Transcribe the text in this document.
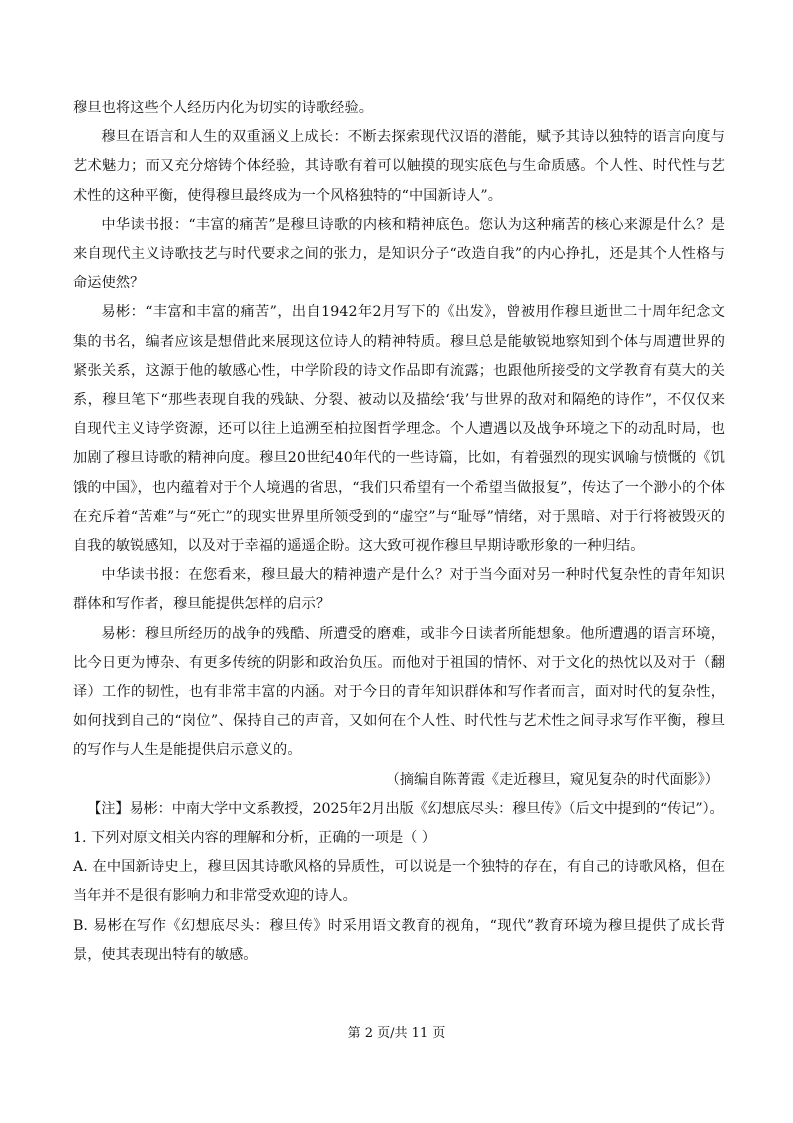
穆旦也将这些个人经历内化为切实的诗歌经验。

穆旦在语言和人生的双重涵义上成长：不断去探索现代汉语的潜能，赋予其诗以独特的语言向度与艺术魅力；而又充分熔铸个体经验，其诗歌有着可以触摸的现实底色与生命质感。个人性、时代性与艺术性的这种平衡，使得穆旦最终成为一个风格独特的“中国新诗人”。

中华读书报：“丰富的痛苦”是穆旦诗歌的内核和精神底色。您认为这种痛苦的核心来源是什么？是来自现代主义诗歌技艺与时代要求之间的张力，是知识分子“改造自我”的内心挣扎，还是其个人性格与命运使然？

易彬：“丰富和丰富的痛苦”，出自1942年2月写下的《出发》，曾被用作穆旦逝世二十周年纪念文集的书名，编者应该是想借此来展现这位诗人的精神特质。穆旦总是能敏锐地察知到个体与周遭世界的紧张关系，这源于他的敏感心性，中学阶段的诗文作品即有流露；也跟他所接受的文学教育有莫大的关系，穆旦笔下“那些表现自我的残缺、分裂、被动以及描绘‘我’与世界的敌对和隔绝的诗作”，不仅仅来自现代主义诗学资源，还可以往上追溯至柏拉图哲学理念。个人遭遇以及战争环境之下的动乱时局，也加剧了穆旦诗歌的精神向度。穆旦20世纪40年代的一些诗篇，比如，有着强烈的现实讽喻与愤慨的《饥饿的中国》，也内蕴着对于个人境遇的省思，“我们只希望有一个希望当做报复”，传达了一个渺小的个体在充斥着“苦难”与“死亡”的现实世界里所领受到的“虚空”与“耻辱”情绪，对于黑暗、对于行将被毁灭的自我的敏锐感知，以及对于幸福的遥遥企盼。这大致可视作穆旦早期诗歌形象的一种归结。

中华读书报：在您看来，穆旦最大的精神遗产是什么？对于当今面对另一种时代复杂性的青年知识群体和写作者，穆旦能提供怎样的启示？

易彬：穆旦所经历的战争的残酷、所遭受的磨难，或非今日读者所能想象。他所遭遇的语言环境，比今日更为博杂、有更多传统的阴影和政治负压。而他对于祖国的情怀、对于文化的热忱以及对于（翻译）工作的韧性，也有非常丰富的内涵。对于今日的青年知识群体和写作者而言，面对时代的复杂性，如何找到自己的“岗位”、保持自己的声音，又如何在个人性、时代性与艺术性之间寻求写作平衡，穆旦的写作与人生是能提供启示意义的。

（摘编自陈菁霞《走近穆旦，窥见复杂的时代面影》）

【注】易彬：中南大学中文系教授，2025年2月出版《幻想底尽头：穆旦传》（后文中提到的“传记”）。

1. 下列对原文相关内容的理解和分析，正确的一项是（ ）

A. 在中国新诗史上，穆旦因其诗歌风格的异质性，可以说是一个独特的存在，有自己的诗歌风格，但在当年并不是很有影响力和非常受欢迎的诗人。

B. 易彬在写作《幻想底尽头：穆旦传》时采用语文教育的视角，“现代”教育环境为穆旦提供了成长背景，使其表现出特有的敏感。

第 2 页/共 11 页
